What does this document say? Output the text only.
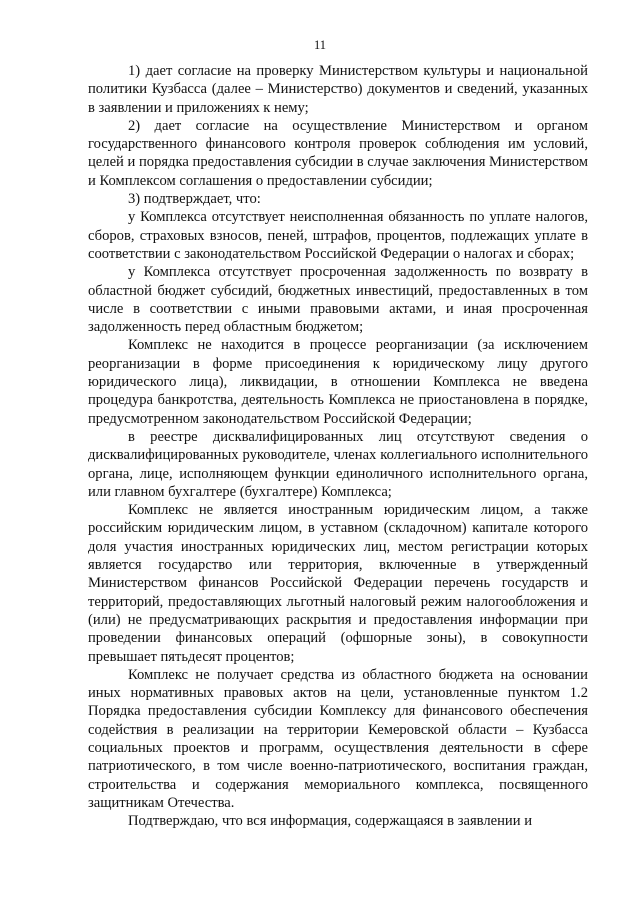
11

1) дает согласие на проверку Министерством культуры и национальной политики Кузбасса (далее – Министерство) документов и сведений, указанных в заявлении и приложениях к нему;

2) дает согласие на осуществление Министерством и органом государственного финансового контроля проверок соблюдения им условий, целей и порядка предоставления субсидии в случае заключения Министерством и Комплексом соглашения о предоставлении субсидии;

3) подтверждает, что:

у Комплекса отсутствует неисполненная обязанность по уплате налогов, сборов, страховых взносов, пеней, штрафов, процентов, подлежащих уплате в соответствии с законодательством Российской Федерации о налогах и сборах;

у Комплекса отсутствует просроченная задолженность по возврату в областной бюджет субсидий, бюджетных инвестиций, предоставленных в том числе в соответствии с иными правовыми актами, и иная просроченная задолженность перед областным бюджетом;

Комплекс не находится в процессе реорганизации (за исключением реорганизации в форме присоединения к юридическому лицу другого юридического лица), ликвидации, в отношении Комплекса не введена процедура банкротства, деятельность Комплекса не приостановлена в порядке, предусмотренном законодательством Российской Федерации;

в реестре дисквалифицированных лиц отсутствуют сведения о дисквалифицированных руководителе, членах коллегиального исполнительного органа, лице, исполняющем функции единоличного исполнительного органа, или главном бухгалтере (бухгалтере) Комплекса;

Комплекс не является иностранным юридическим лицом, а также российским юридическим лицом, в уставном (складочном) капитале которого доля участия иностранных юридических лиц, местом регистрации которых является государство или территория, включенные в утвержденный Министерством финансов Российской Федерации перечень государств и территорий, предоставляющих льготный налоговый режим налогообложения и (или) не предусматривающих раскрытия и предоставления информации при проведении финансовых операций (офшорные зоны), в совокупности превышает пятьдесят процентов;

Комплекс не получает средства из областного бюджета на основании иных нормативных правовых актов на цели, установленные пунктом 1.2 Порядка предоставления субсидии Комплексу для финансового обеспечения содействия в реализации на территории Кемеровской области – Кузбасса социальных проектов и программ, осуществления деятельности в сфере патриотического, в том числе военно-патриотического, воспитания граждан, строительства и содержания мемориального комплекса, посвященного защитникам Отечества.

Подтверждаю, что вся информация, содержащаяся в заявлении и
